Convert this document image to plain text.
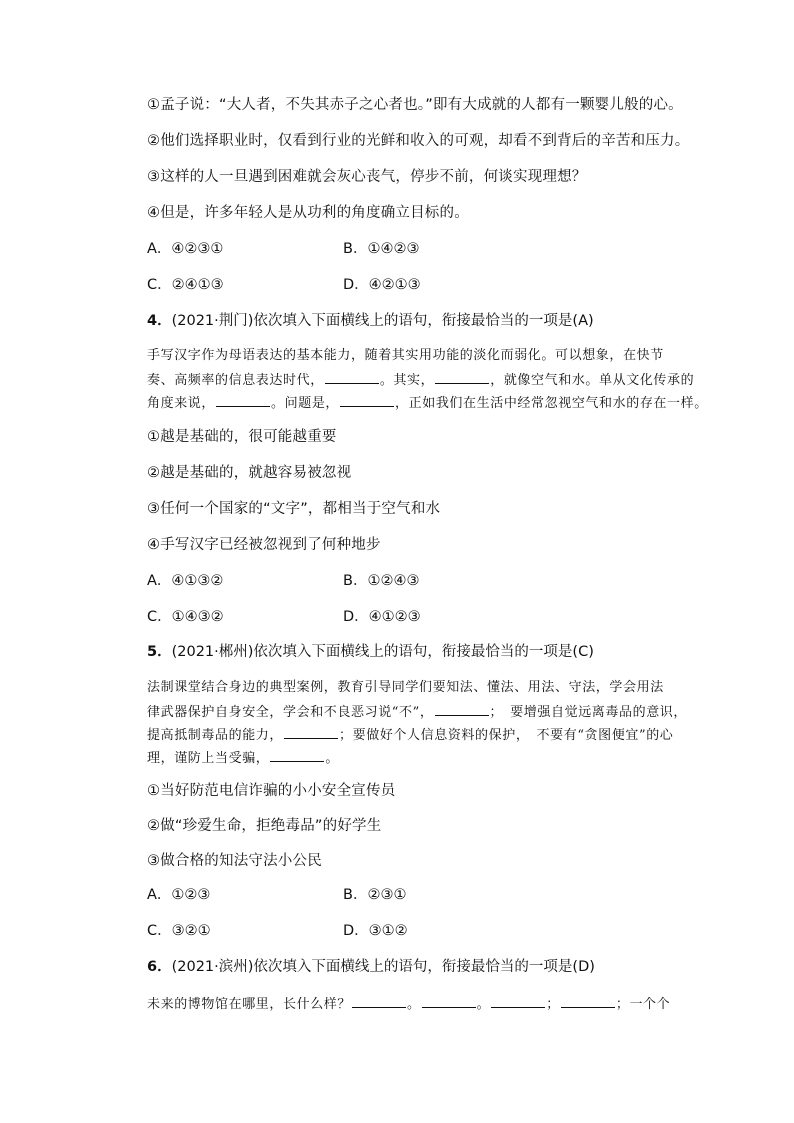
①孟子说：“大人者，不失其赤子之心者也。”即有大成就的人都有一颗婴儿般的心。
②他们选择职业时，仅看到行业的光鲜和收入的可观，却看不到背后的辛苦和压力。
③这样的人一旦遇到困难就会灰心丧气，停步不前，何谈实现理想？
④但是，许多年轻人是从功利的角度确立目标的。
A．④②③①	B．①④②③
C．②④①③	D．④②①③
4．(2021·荆门)依次填入下面横线上的语句，衔接最恰当的一项是(A)
手写汉字作为母语表达的基本能力，随着其实用功能的淡化而弱化。可以想象，在快节
奏、高频率的信息表达时代，	。其实，	，就像空气和水。单从文化传承的
角度来说，	。问题是，	，正如我们在生活中经常忽视空气和水的存在一样。
①越是基础的，很可能越重要
②越是基础的，就越容易被忽视
③任何一个国家的“文字”，都相当于空气和水
④手写汉字已经被忽视到了何种地步
A．④①③②	B．①②④③
C．①④③②	D．④①②③
5．(2021·郴州)依次填入下面横线上的语句，衔接最恰当的一项是(C)
法制课堂结合身边的典型案例，教育引导同学们要知法、懂法、用法、守法，学会用法
律武器保护自身安全，学会和不良恶习说“不”，	；　要增强自觉远离毒品的意识，
提高抵制毒品的能力，	；要做好个人信息资料的保护，　不要有“贪图便宜”的心
理，谨防上当受骗，	。
①当好防范电信诈骗的小小安全宣传员
②做“珍爱生命，拒绝毒品”的好学生
③做合格的知法守法小公民
A．①②③	B．②③①
C．③②①	D．③①②
6．(2021·滨州)依次填入下面横线上的语句，衔接最恰当的一项是(D)
未来的博物馆在哪里，长什么样？	。	。	；	；一个个
